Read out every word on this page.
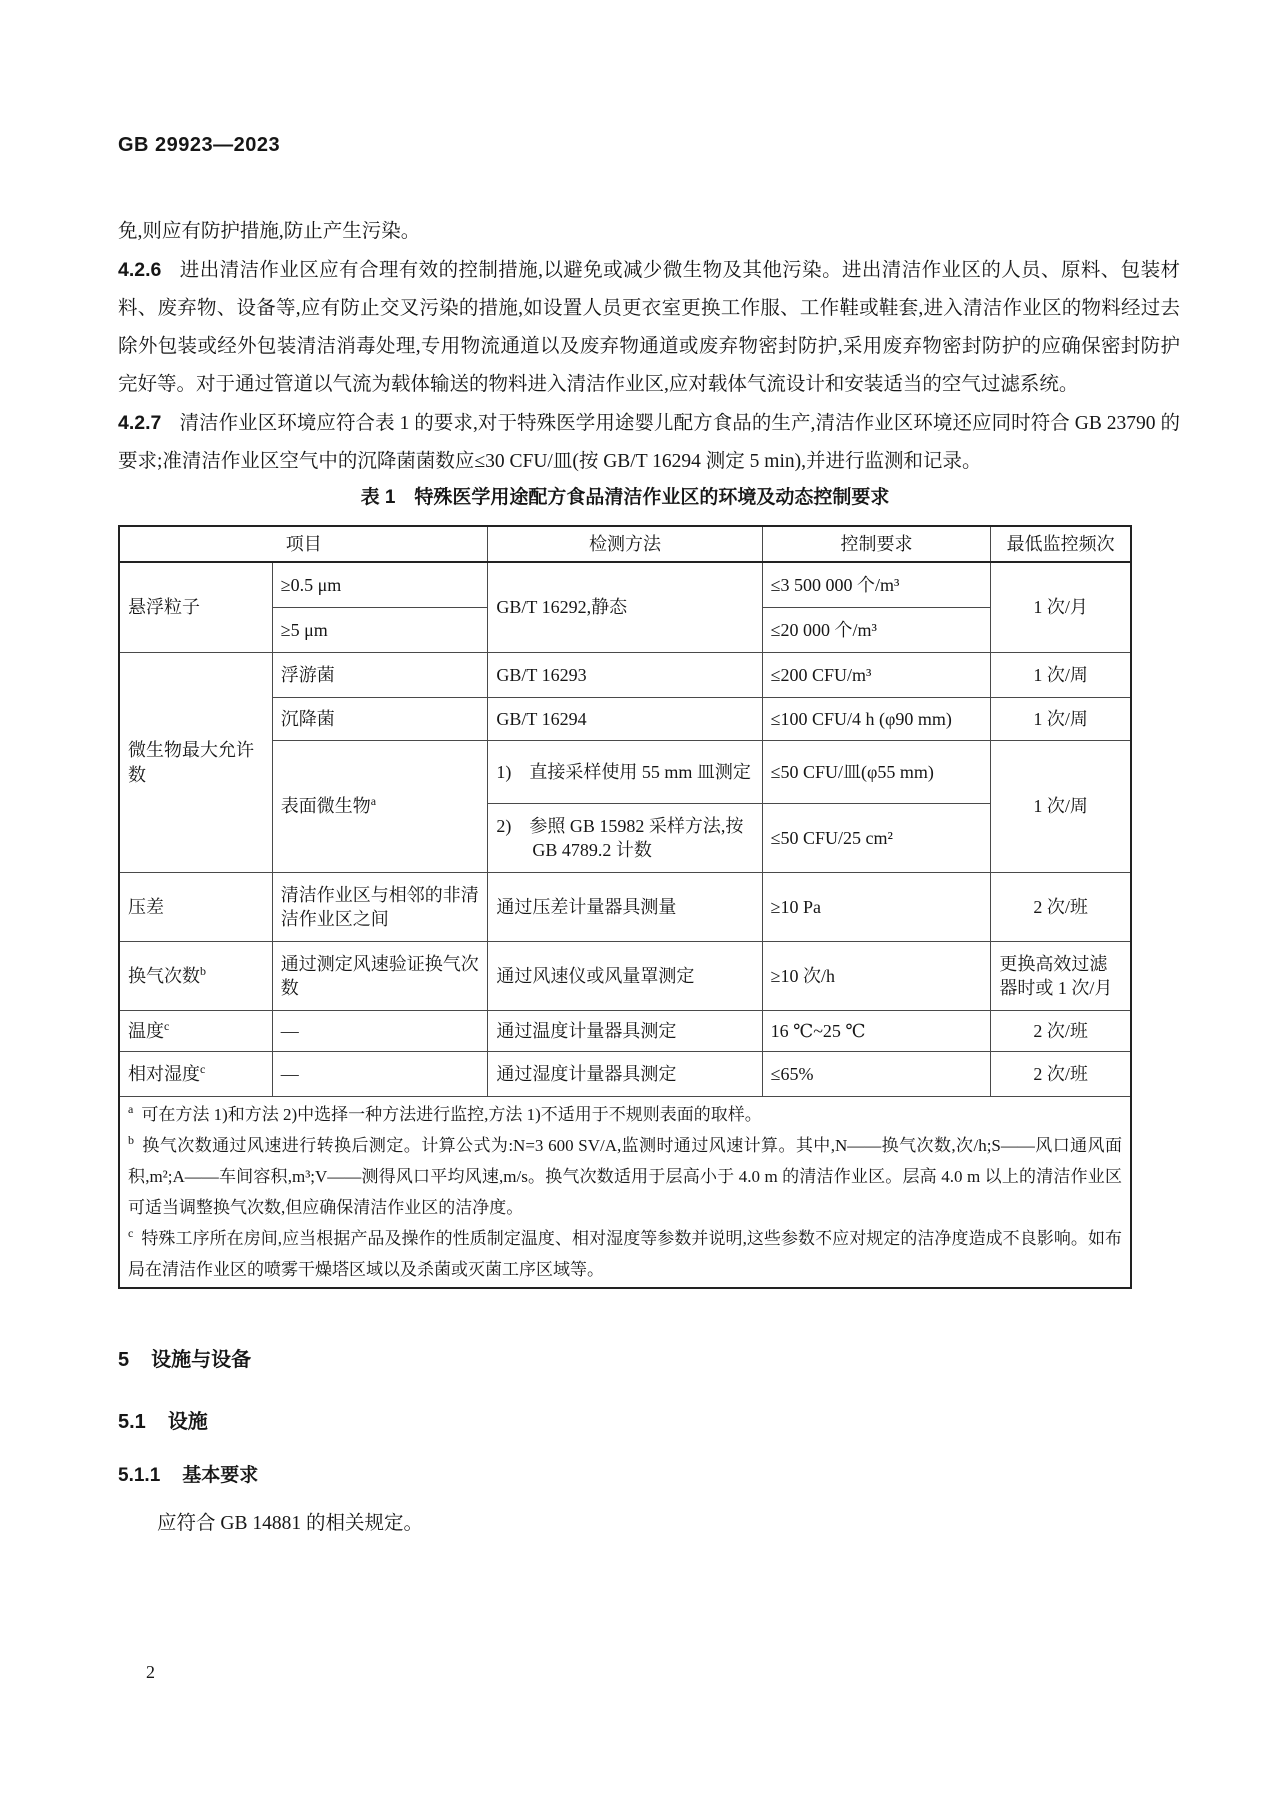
GB 29923—2023

免,则应有防护措施,防止产生污染。

4.2.6 进出清洁作业区应有合理有效的控制措施,以避免或减少微生物及其他污染。进出清洁作业区的人员、原料、包装材料、废弃物、设备等,应有防止交叉污染的措施,如设置人员更衣室更换工作服、工作鞋或鞋套,进入清洁作业区的物料经过去除外包装或经外包装清洁消毒处理,专用物流通道以及废弃物通道或废弃物密封防护,采用废弃物密封防护的应确保密封防护完好等。对于通过管道以气流为载体输送的物料进入清洁作业区,应对载体气流设计和安装适当的空气过滤系统。

4.2.7 清洁作业区环境应符合表 1 的要求,对于特殊医学用途婴儿配方食品的生产,清洁作业区环境还应同时符合 GB 23790 的要求;准清洁作业区空气中的沉降菌菌数应≤30 CFU/皿(按 GB/T 16294 测定 5 min),并进行监测和记录。

表 1　特殊医学用途配方食品清洁作业区的环境及动态控制要求
项目		检测方法	控制要求	最低监控频次
悬浮粒子	≥0.5 μm	GB/T 16292,静态	≤3 500 000 个/m³	1 次/月
	≥5 μm		≤20 000 个/m³	
微生物最大允许数	浮游菌	GB/T 16293	≤200 CFU/m³	1 次/周
	沉降菌	GB/T 16294	≤100 CFU/4 h (φ90 mm)	1 次/周
	表面微生物$^a$	1)　直接采样使用 55 mm 皿测定	≤50 CFU/皿(φ55 mm)	1 次/周

		2)　参照 GB 15982 采样方法,按 GB 4789.2 计数	≤50 CFU/25 cm²	
压差	清洁作业区与相邻的非清洁作业区之间	通过压差计量器具测量	≥10 Pa	2 次/班
换气次数$^b$	通过测定风速验证换气次数	通过风速仪或风量罩测定	≥10 次/h	更换高效过滤器时或 1 次/月
温度$^c$	—	通过温度计量器具测定	16 ℃~25 ℃	2 次/班
相对湿度$^c$	—	通过湿度计量器具测定	≤65%	2 次/班

$^a$ 可在方法 1)和方法 2)中选择一种方法进行监控,方法 1)不适用于不规则表面的取样。
$^b$ 换气次数通过风速进行转换后测定。计算公式为:N=3 600 SV/A,监测时通过风速计算。其中,N——换气次数,次/h;S——风口通风面积,m²;A——车间容积,m³;V——测得风口平均风速,m/s。换气次数适用于层高小于 4.0 m 的清洁作业区。层高 4.0 m 以上的清洁作业区可适当调整换气次数,但应确保清洁作业区的洁净度。
$^c$ 特殊工序所在房间,应当根据产品及操作的性质制定温度、相对湿度等参数并说明,这些参数不应对规定的洁净度造成不良影响。如布局在清洁作业区的喷雾干燥塔区域以及杀菌或灭菌工序区域等。				
5 设施与设备
5.1 设施
5.1.1 基本要求

应符合 GB 14881 的相关规定。

2
